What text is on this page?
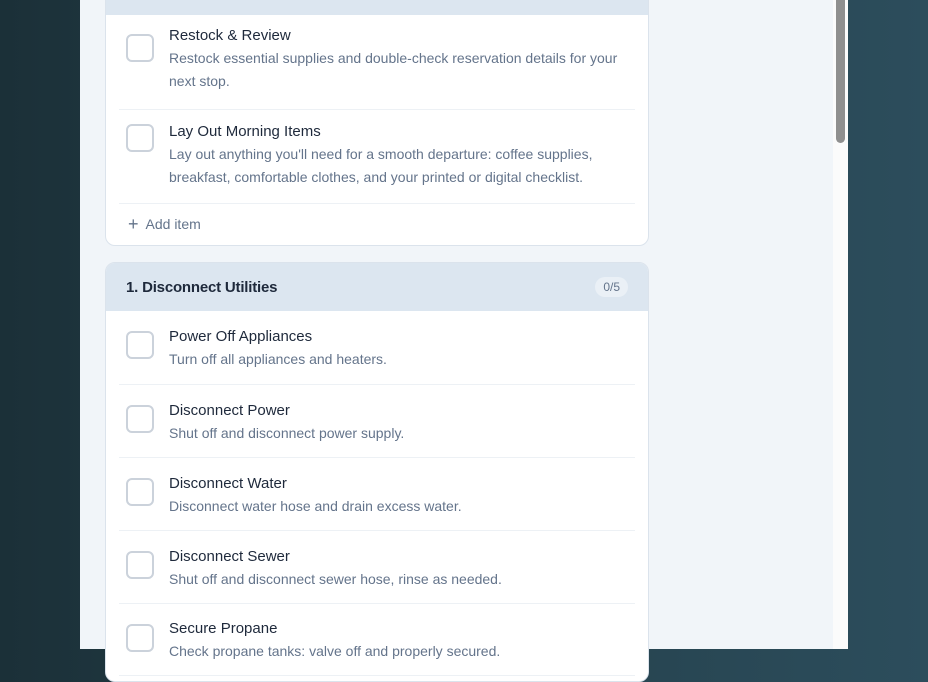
Restock & Review
Restock essential supplies and double-check reservation details for your next stop.
Lay Out Morning Items
Lay out anything you'll need for a smooth departure: coffee supplies, breakfast, comfortable clothes, and your printed or digital checklist.
+ Add item
1. Disconnect Utilities	0/5
Power Off Appliances
Turn off all appliances and heaters.
Disconnect Power
Shut off and disconnect power supply.
Disconnect Water
Disconnect water hose and drain excess water.
Disconnect Sewer
Shut off and disconnect sewer hose, rinse as needed.
Secure Propane
Check propane tanks: valve off and properly secured.
